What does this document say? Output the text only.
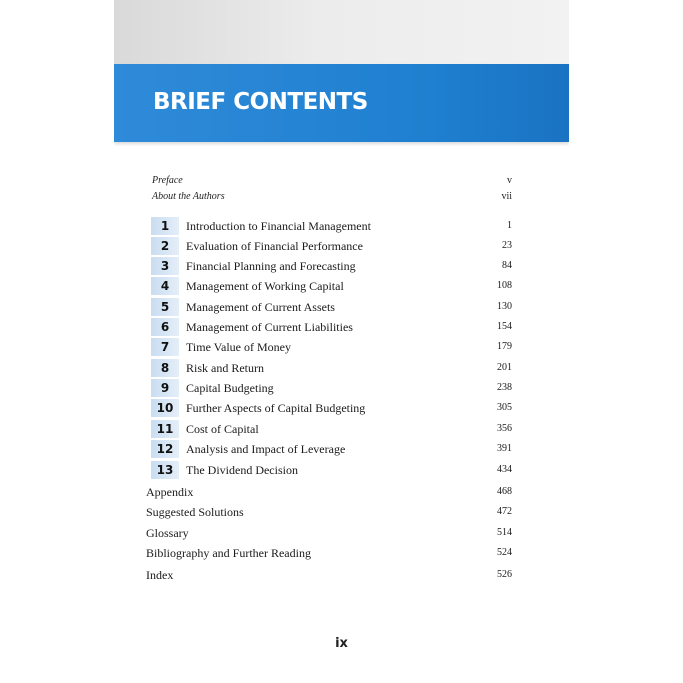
BRIEF CONTENTS
Preface	v
About the Authors	vii
1	Introduction to Financial Management	1
2	Evaluation of Financial Performance	23
3	Financial Planning and Forecasting	84
4	Management of Working Capital	108
5	Management of Current Assets	130
6	Management of Current Liabilities	154
7	Time Value of Money	179
8	Risk and Return	201
9	Capital Budgeting	238
10	Further Aspects of Capital Budgeting	305
11	Cost of Capital	356
12	Analysis and Impact of Leverage	391
13	The Dividend Decision	434
Appendix	468
Suggested Solutions	472
Glossary	514
Bibliography and Further Reading	524
Index	526
ix
